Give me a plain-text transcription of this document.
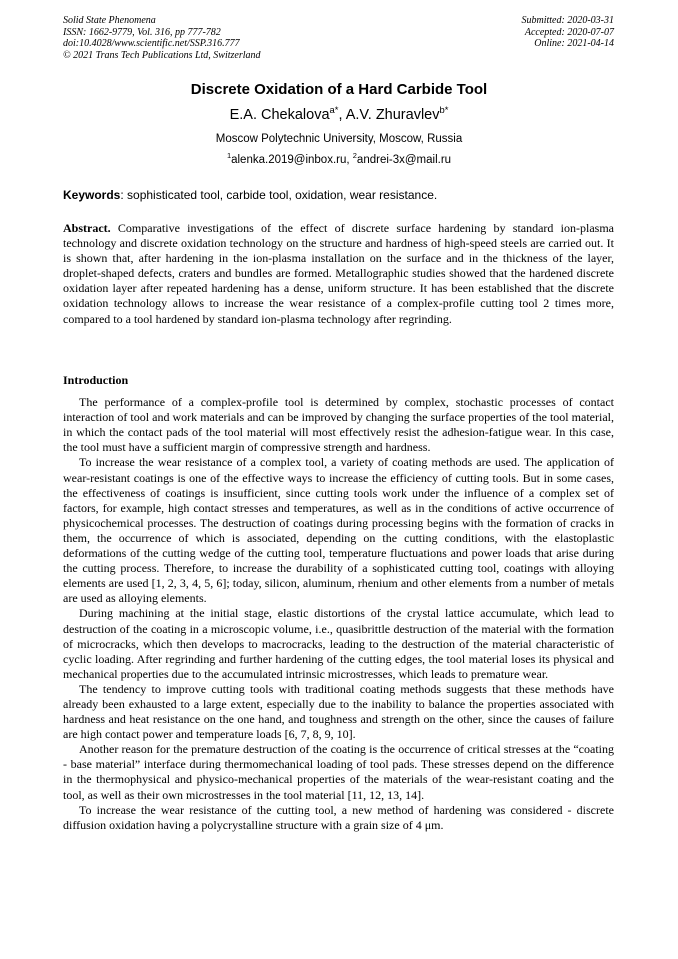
Solid State Phenomena
ISSN: 1662-9779, Vol. 316, pp 777-782
doi:10.4028/www.scientific.net/SSP.316.777
© 2021 Trans Tech Publications Ltd, Switzerland
Submitted: 2020-03-31
Accepted: 2020-07-07
Online: 2021-04-14
Discrete Oxidation of a Hard Carbide Tool
E.A. Chekalova$^{a*}$, A.V. Zhuravlev$^{b*}$
Moscow Polytechnic University, Moscow, Russia
$^1$alenka.2019@inbox.ru, $^2$andrei-3x@mail.ru
Keywords: sophisticated tool, carbide tool, oxidation, wear resistance.

Abstract. Comparative investigations of the effect of discrete surface hardening by standard ion-plasma technology and discrete oxidation technology on the structure and hardness of high-speed steels are carried out. It is shown that, after hardening in the ion-plasma installation on the surface and in the thickness of the layer, droplet-shaped defects, craters and bundles are formed. Metallographic studies showed that the hardened discrete oxidation layer after repeated hardening has a dense, uniform structure. It has been established that the discrete oxidation technology allows to increase the wear resistance of a complex-profile cutting tool 2 times more, compared to a tool hardened by standard ion-plasma technology after regrinding.

Introduction

The performance of a complex-profile tool is determined by complex, stochastic processes of contact interaction of tool and work materials and can be improved by changing the surface properties of the tool material, in which the contact pads of the tool material will most effectively resist the adhesion-fatigue wear. In this case, the tool must have a sufficient margin of compressive strength and hardness.

To increase the wear resistance of a complex tool, a variety of coating methods are used. The application of wear-resistant coatings is one of the effective ways to increase the efficiency of cutting tools. But in some cases, the effectiveness of coatings is insufficient, since cutting tools work under the influence of a complex set of factors, for example, high contact stresses and temperatures, as well as in the conditions of active occurrence of physicochemical processes. The destruction of coatings during processing begins with the formation of cracks in them, the occurrence of which is associated, depending on the cutting conditions, with the elastoplastic deformations of the cutting wedge of the cutting tool, temperature fluctuations and power loads that arise during the cutting process. Therefore, to increase the durability of a sophisticated cutting tool, coatings with alloying elements are used [1, 2, 3, 4, 5, 6]; today, silicon, aluminum, rhenium and other elements from a number of metals are used as alloying elements.

During machining at the initial stage, elastic distortions of the crystal lattice accumulate, which lead to destruction of the coating in a microscopic volume, i.e., quasibrittle destruction of the material with the formation of microcracks, which then develops to macrocracks, leading to the destruction of the material characteristic of cyclic loading. After regrinding and further hardening of the cutting edges, the tool material loses its physical and mechanical properties due to the accumulated intrinsic microstresses, which leads to premature wear.

The tendency to improve cutting tools with traditional coating methods suggests that these methods have already been exhausted to a large extent, especially due to the inability to balance the properties associated with hardness and heat resistance on the one hand, and toughness and strength on the other, since the causes of failure are high contact power and temperature loads [6, 7, 8, 9, 10].

Another reason for the premature destruction of the coating is the occurrence of critical stresses at the “coating - base material” interface during thermomechanical loading of tool pads. These stresses depend on the difference in the thermophysical and physico-mechanical properties of the materials of the wear-resistant coating and the tool, as well as their own microstresses in the tool material [11, 12, 13, 14].

To increase the wear resistance of the cutting tool, a new method of hardening was considered - discrete diffusion oxidation having a polycrystalline structure with a grain size of 4 μm.
